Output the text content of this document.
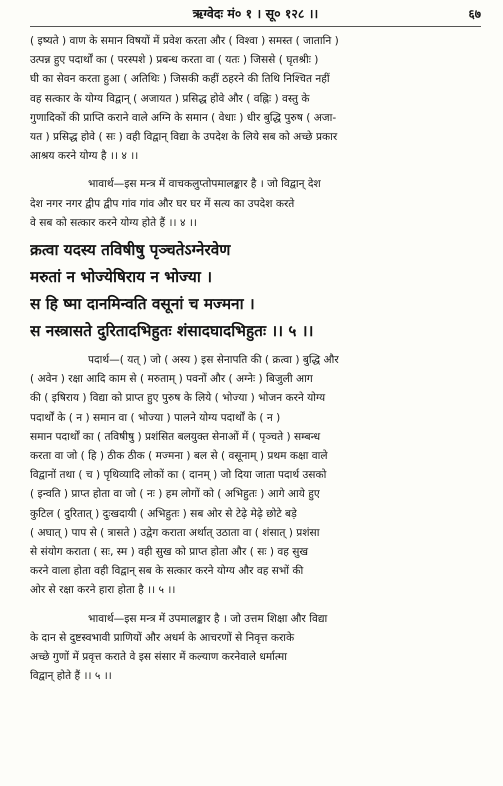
ऋग्वेदः मं० १ । सू० १२८ ।।	६७
( इष्यते ) वाण के समान विषयों में प्रवेश करता और ( विश्वा ) समस्त ( जातानि )
उत्पन्न हुए पदार्थों का ( परस्पशे ) प्रबन्ध करता वा ( यतः ) जिससे ( घृतश्रीः )
घी का सेवन करता हुआ ( अतिथिः ) जिसकी कहीं ठहरने की तिथि निश्चित नहीं
वह सत्कार के योग्य विद्वान् ( अजायत ) प्रसिद्ध होवे और ( वह्निः ) वस्तु के
गुणादिकों की प्राप्ति कराने वाले अग्नि के समान ( वेधाः ) धीर बुद्धि पुरुष ( अजा-
यत ) प्रसिद्ध होवे ( सः ) वही विद्वान् विद्या के उपदेश के लिये सब को अच्छे प्रकार
आश्रय करने योग्य है ।। ४ ।।
भावार्थ—इस मन्त्र में वाचकलुप्तोपमालङ्कार है । जो विद्वान् देश
देश नगर नगर द्वीप द्वीप गांव गांव और घर घर में सत्य का उपदेश करते
वे सब को सत्कार करने योग्य होते हैं ।। ४ ।।
क्रत्वा यदस्य तविषीषु पृञ्चतेऽग्नेरवेण
मरुतां न भोज्येषिराय न भोज्या ।
स हि ष्मा दानमिन्वति वसूनां च मज्मना ।
स नस्त्रासते दुरितादभिहुतः शंसादघादभिहुतः ।। ५ ।।
पदार्थ—( यत् ) जो ( अस्य ) इस सेनापति की ( क्रत्वा ) बुद्धि और
( अवेन ) रक्षा आदि काम से ( मरुताम् ) पवनों और ( अग्नेः ) बिजुली आग
की ( इषिराय ) विद्या को प्राप्त हुए पुरुष के लिये ( भोज्या ) भोजन करने योग्य
पदार्थों के ( न ) समान वा ( भोज्या ) पालने योग्य पदार्थों के ( न )
समान पदार्थों का ( तविषीषु ) प्रशंसित बलयुक्त सेनाओं में ( पृञ्चते ) सम्बन्ध
करता वा जो ( हि ) ठीक ठीक ( मज्मना ) बल से ( वसूनाम् ) प्रथम कक्षा वाले
विद्वानों तथा ( च ) पृथिव्यादि लोकों का ( दानम् ) जो दिया जाता पदार्थ उसको
( इन्वति ) प्राप्त होता वा जो ( नः ) हम लोगों को ( अभिहुतः ) आगे आये हुए
कुटिल ( दुरितात् ) दुःखदायी ( अभिहुतः ) सब ओर से टेढ़े मेढ़े छोटे बड़े
( अघात् ) पाप से ( त्रासते ) उद्वेग कराता अर्थात् उठाता वा ( शंसात् ) प्रशंसा
से संयोग कराता ( सः, स्म ) वही सुख को प्राप्त होता और ( सः ) वह सुख
करने वाला होता वही विद्वान् सब के सत्कार करने योग्य और वह सभों की
ओर से रक्षा करने हारा होता है ।। ५ ।।
भावार्थ—इस मन्त्र में उपमालङ्कार है । जो उत्तम शिक्षा और विद्या
के दान से दुष्टस्वभावी प्राणियों और अधर्म के आचरणों से निवृत्त कराके
अच्छे गुणों में प्रवृत्त कराते वे इस संसार में कल्याण करनेवाले धर्मात्मा
विद्वान् होते हैं ।। ५ ।।
